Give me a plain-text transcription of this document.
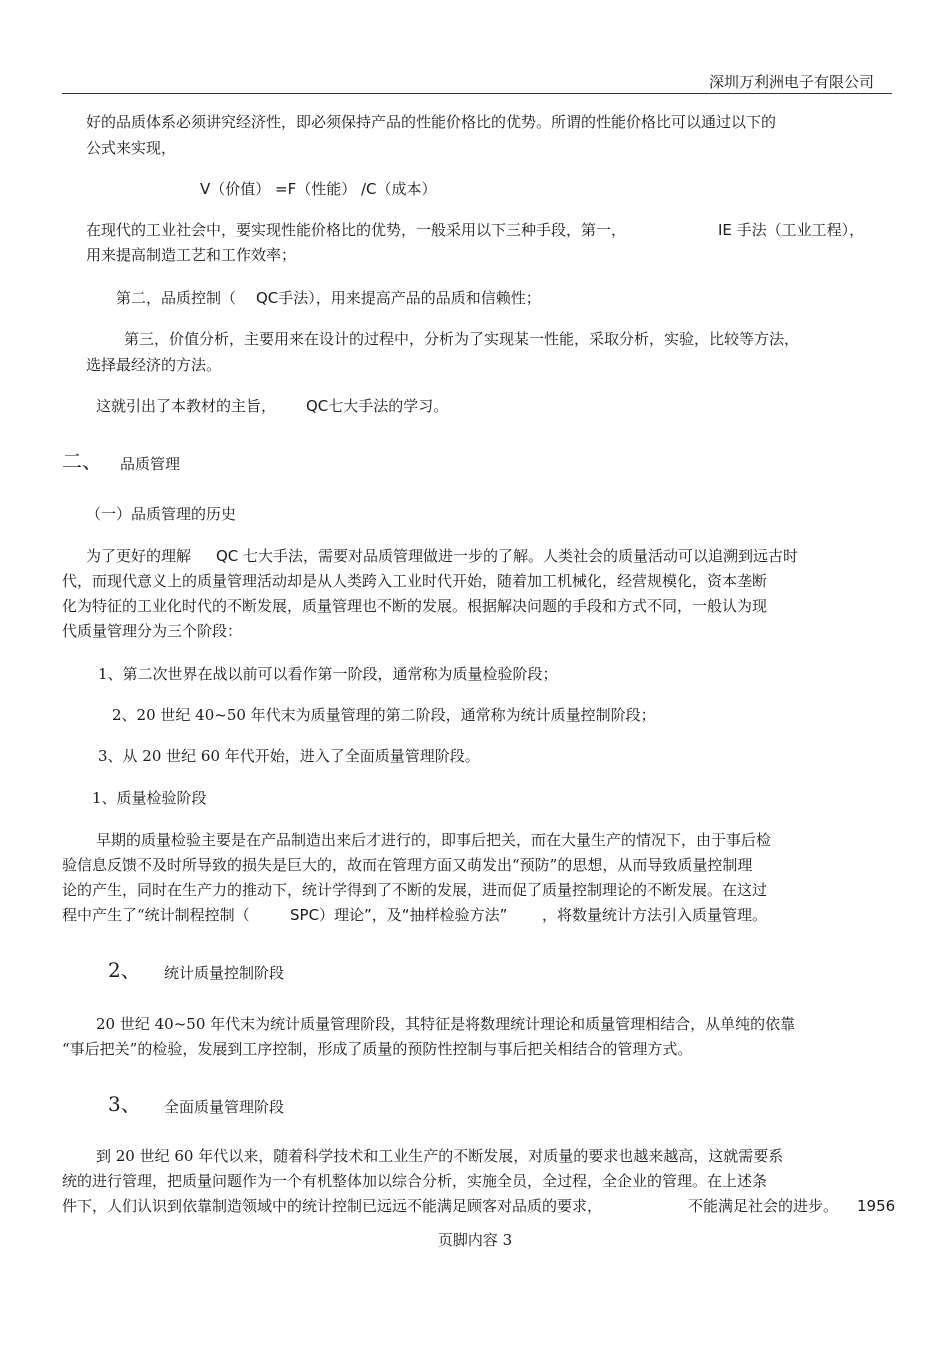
深圳万利洲电子有限公司
好的品质体系必须讲究经济性，即必须保持产品的性能价格比的优势。所谓的性能价格比可以通过以下的
公式来实现，
V（价值） =F（性能） /C（成本）
在现代的工业社会中，要实现性能价格比的优势，一般采用以下三种手段，第一，	IE 手法（工业工程），
用来提高制造工艺和工作效率；
第二，品质控制（ QC手法），用来提高产品的品质和信赖性；
第三，价值分析，主要用来在设计的过程中，分析为了实现某一性能，采取分析，实验，比较等方法，
选择最经济的方法。
这就引出了本教材的主旨， QC七大手法的学习。
二、 品质管理
（一）品质管理的历史
为了更好的理解 QC 七大手法，需要对品质管理做进一步的了解。人类社会的质量活动可以追溯到远古时
代，而现代意义上的质量管理活动却是从人类跨入工业时代开始，随着加工机械化，经营规模化，资本垄断
化为特征的工业化时代的不断发展，质量管理也不断的发展。根据解决问题的手段和方式不同，一般认为现
代质量管理分为三个阶段：
1、第二次世界在战以前可以看作第一阶段，通常称为质量检验阶段；
2、20 世纪 40~50 年代末为质量管理的第二阶段，通常称为统计质量控制阶段；
3、从 20 世纪 60 年代开始，进入了全面质量管理阶段。
1、质量检验阶段
早期的质量检验主要是在产品制造出来后才进行的，即事后把关，而在大量生产的情况下，由于事后检
验信息反馈不及时所导致的损失是巨大的，故而在管理方面又萌发出“预防”的思想，从而导致质量控制理
论的产生，同时在生产力的推动下，统计学得到了不断的发展，进而促了质量控制理论的不断发展。在这过
程中产生了“统计制程控制（	SPC）理论”，及“抽样检验方法” ，将数量统计方法引入质量管理。
2、 统计质量控制阶段
20 世纪 40~50 年代末为统计质量管理阶段，其特征是将数理统计理论和质量管理相结合，从单纯的依靠
“事后把关”的检验，发展到工序控制，形成了质量的预防性控制与事后把关相结合的管理方式。
3、 全面质量管理阶段
到 20 世纪 60 年代以来，随着科学技术和工业生产的不断发展，对质量的要求也越来越高，这就需要系
统的进行管理，把质量问题作为一个有机整体加以综合分析，实施全员，全过程，全企业的管理。在上述条
件下，人们认识到依靠制造领域中的统计控制已远远不能满足顾客对品质的要求，	不能满足社会的进步。 1956
页脚内容 3
